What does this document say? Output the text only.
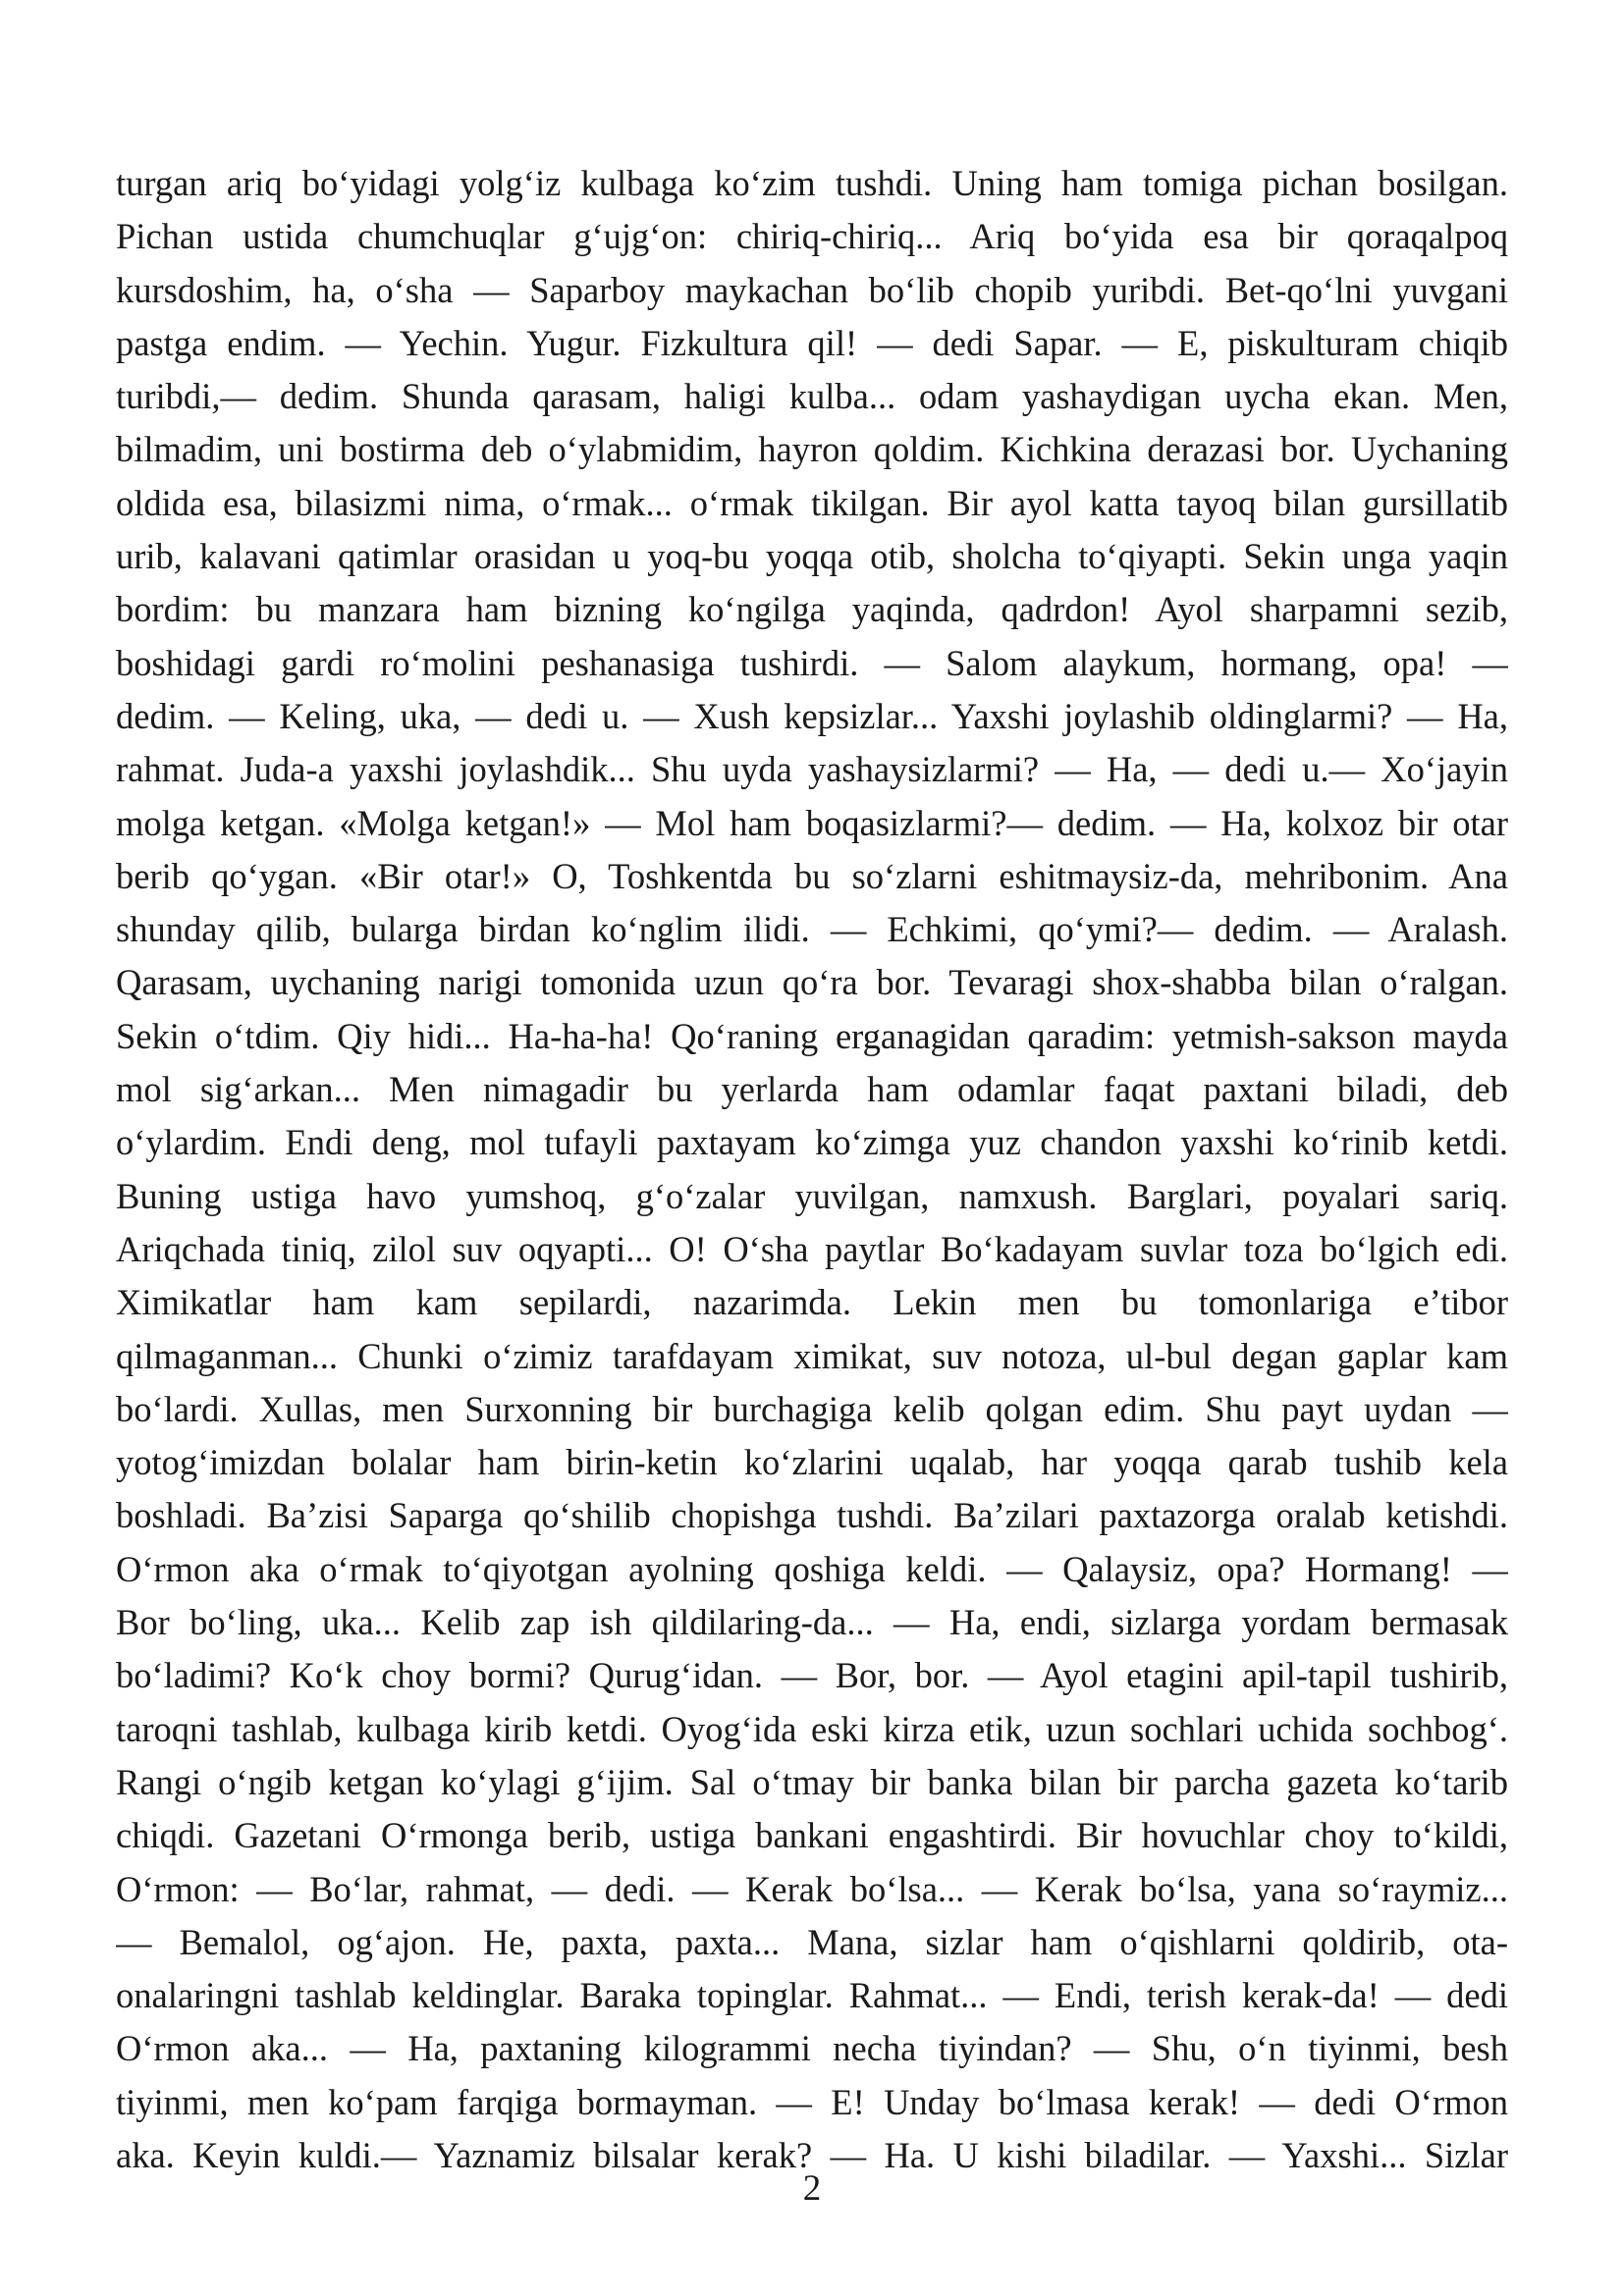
turgan ariq bo‘yidagi yolg‘iz kulbaga ko‘zim tushdi. Uning ham tomiga pichan bosilgan.
Pichan ustida chumchuqlar g‘ujg‘on: chiriq-chiriq... Ariq bo‘yida esa bir qoraqalpoq
kursdoshim, ha, o‘sha — Saparboy maykachan bo‘lib chopib yuribdi. Bet-qo‘lni yuvgani
pastga endim. — Yechin. Yugur. Fizkultura qil! — dedi Sapar. — E, piskulturam chiqib
turibdi,— dedim. Shunda qarasam, haligi kulba... odam yashaydigan uycha ekan. Men,
bilmadim, uni bostirma deb o‘ylabmidim, hayron qoldim. Kichkina derazasi bor. Uychaning
oldida esa, bilasizmi nima, o‘rmak... o‘rmak tikilgan. Bir ayol katta tayoq bilan gursillatib
urib, kalavani qatimlar orasidan u yoq-bu yoqqa otib, sholcha to‘qiyapti. Sekin unga yaqin
bordim: bu manzara ham bizning ko‘ngilga yaqinda, qadrdon! Ayol sharpamni sezib,
boshidagi gardi ro‘molini peshanasiga tushirdi. — Salom alaykum, hormang, opa! —
dedim. — Keling, uka, — dedi u. — Xush kepsizlar... Yaxshi joylashib oldinglarmi? — Ha,
rahmat. Juda-a yaxshi joylashdik... Shu uyda yashaysizlarmi? — Ha, — dedi u.— Xo‘jayin
molga ketgan. «Molga ketgan!» — Mol ham boqasizlarmi?— dedim. — Ha, kolxoz bir otar
berib qo‘ygan. «Bir otar!» O, Toshkentda bu so‘zlarni eshitmaysiz-da, mehribonim. Ana
shunday qilib, bularga birdan ko‘nglim ilidi. — Echkimi, qo‘ymi?— dedim. — Aralash.
Qarasam, uychaning narigi tomonida uzun qo‘ra bor. Tevaragi shox-shabba bilan o‘ralgan.
Sekin o‘tdim. Qiy hidi... Ha-ha-ha! Qo‘raning erganagidan qaradim: yetmish-sakson mayda
mol sig‘arkan... Men nimagadir bu yerlarda ham odamlar faqat paxtani biladi, deb
o‘ylardim. Endi deng, mol tufayli paxtayam ko‘zimga yuz chandon yaxshi ko‘rinib ketdi.
Buning ustiga havo yumshoq, g‘o‘zalar yuvilgan, namxush. Barglari, poyalari sariq.
Ariqchada tiniq, zilol suv oqyapti... O! O‘sha paytlar Bo‘kadayam suvlar toza bo‘lgich edi.
Ximikatlar ham kam sepilardi, nazarimda. Lekin men bu tomonlariga e’tibor
qilmaganman... Chunki o‘zimiz tarafdayam ximikat, suv notoza, ul-bul degan gaplar kam
bo‘lardi. Xullas, men Surxonning bir burchagiga kelib qolgan edim. Shu payt uydan —
yotog‘imizdan bolalar ham birin-ketin ko‘zlarini uqalab, har yoqqa qarab tushib kela
boshladi. Ba’zisi Saparga qo‘shilib chopishga tushdi. Ba’zilari paxtazorga oralab ketishdi.
O‘rmon aka o‘rmak to‘qiyotgan ayolning qoshiga keldi. — Qalaysiz, opa? Hormang! —
Bor bo‘ling, uka... Kelib zap ish qildilaring-da... — Ha, endi, sizlarga yordam bermasak
bo‘ladimi? Ko‘k choy bormi? Qurug‘idan. — Bor, bor. — Ayol etagini apil-tapil tushirib,
taroqni tashlab, kulbaga kirib ketdi. Oyog‘ida eski kirza etik, uzun sochlari uchida sochbog‘.
Rangi o‘ngib ketgan ko‘ylagi g‘ijim. Sal o‘tmay bir banka bilan bir parcha gazeta ko‘tarib
chiqdi. Gazetani O‘rmonga berib, ustiga bankani engashtirdi. Bir hovuchlar choy to‘kildi,
O‘rmon: — Bo‘lar, rahmat, — dedi. — Kerak bo‘lsa... — Kerak bo‘lsa, yana so‘raymiz...
— Bemalol, og‘ajon. He, paxta, paxta... Mana, sizlar ham o‘qishlarni qoldirib, ota-
onalaringni tashlab keldinglar. Baraka topinglar. Rahmat... — Endi, terish kerak-da! — dedi
O‘rmon aka... — Ha, paxtaning kilogrammi necha tiyindan? — Shu, o‘n tiyinmi, besh
tiyinmi, men ko‘pam farqiga bormayman. — E! Unday bo‘lmasa kerak! — dedi O‘rmon
aka. Keyin kuldi.— Yaznamiz bilsalar kerak? — Ha. U kishi biladilar. — Yaxshi... Sizlar
2
